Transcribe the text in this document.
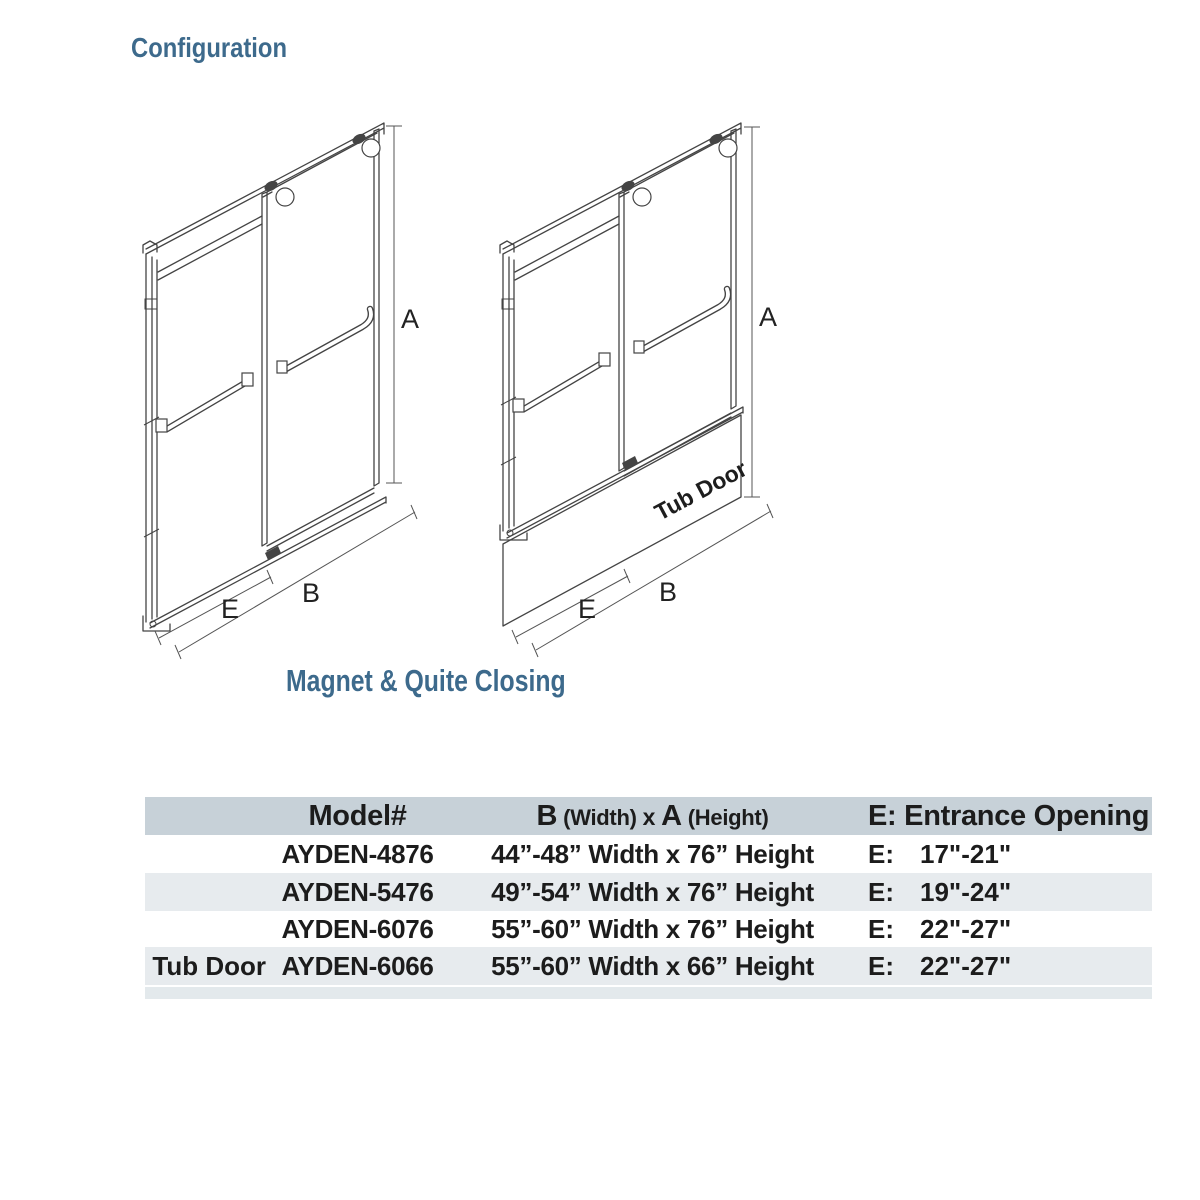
Configuration
A
E
B
Tub Door
A
E
B
Magnet & Quite Closing
Model#	B (Width) x A (Height)	E: Entrance Opening
AYDEN-4876	44”-48” Width x 76” Height	E: 17"-21"
AYDEN-5476	49”-54” Width x 76” Height	E: 19"-24"
AYDEN-6076	55”-60” Width x 76” Height	E: 22"-27"
Tub Door AYDEN-6066	55”-60” Width x 66” Height	E: 22"-27"
